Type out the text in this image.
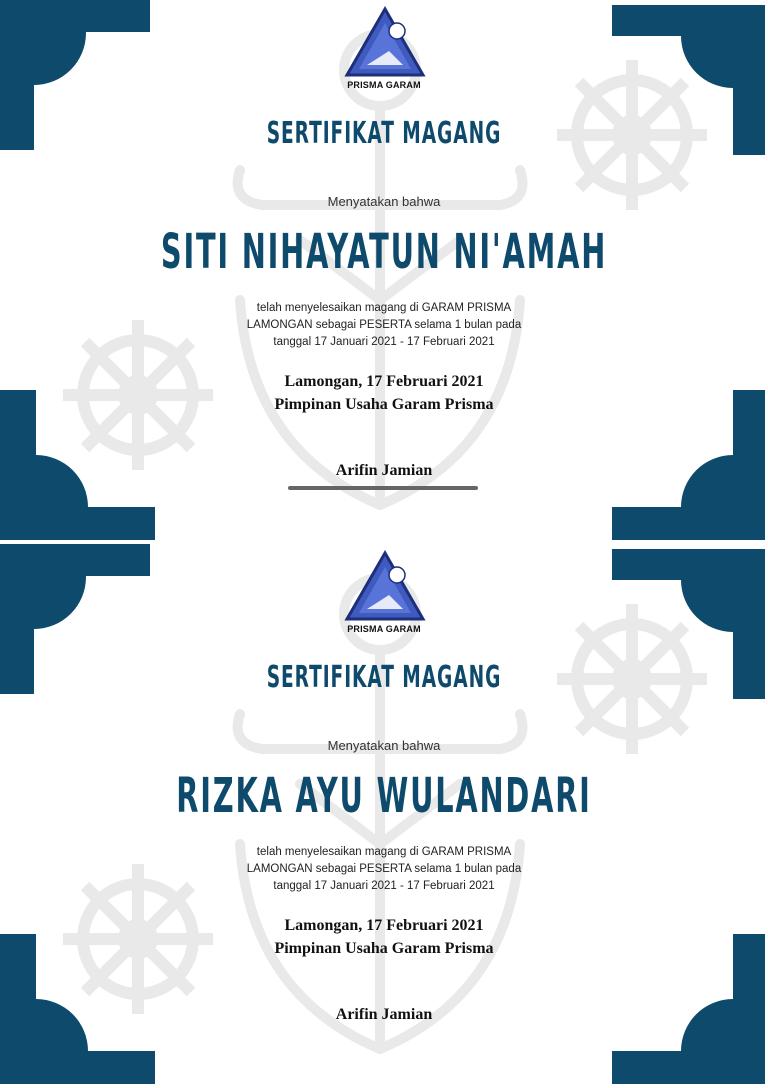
PRISMA GARAM
SERTIFIKAT MAGANG
Menyatakan bahwa
SITI NIHAYATUN NI'AMAH
telah menyelesaikan magang di GARAM PRISMA
LAMONGAN sebagai PESERTA selama 1 bulan pada
tanggal 17 Januari 2021 - 17 Februari 2021
Lamongan, 17 Februari 2021
Pimpinan Usaha Garam Prisma
Arifin Jamian
PRISMA GARAM
SERTIFIKAT MAGANG
Menyatakan bahwa
RIZKA AYU WULANDARI
telah menyelesaikan magang di GARAM PRISMA
LAMONGAN sebagai PESERTA selama 1 bulan pada
tanggal 17 Januari 2021 - 17 Februari 2021
Lamongan, 17 Februari 2021
Pimpinan Usaha Garam Prisma
Arifin Jamian
